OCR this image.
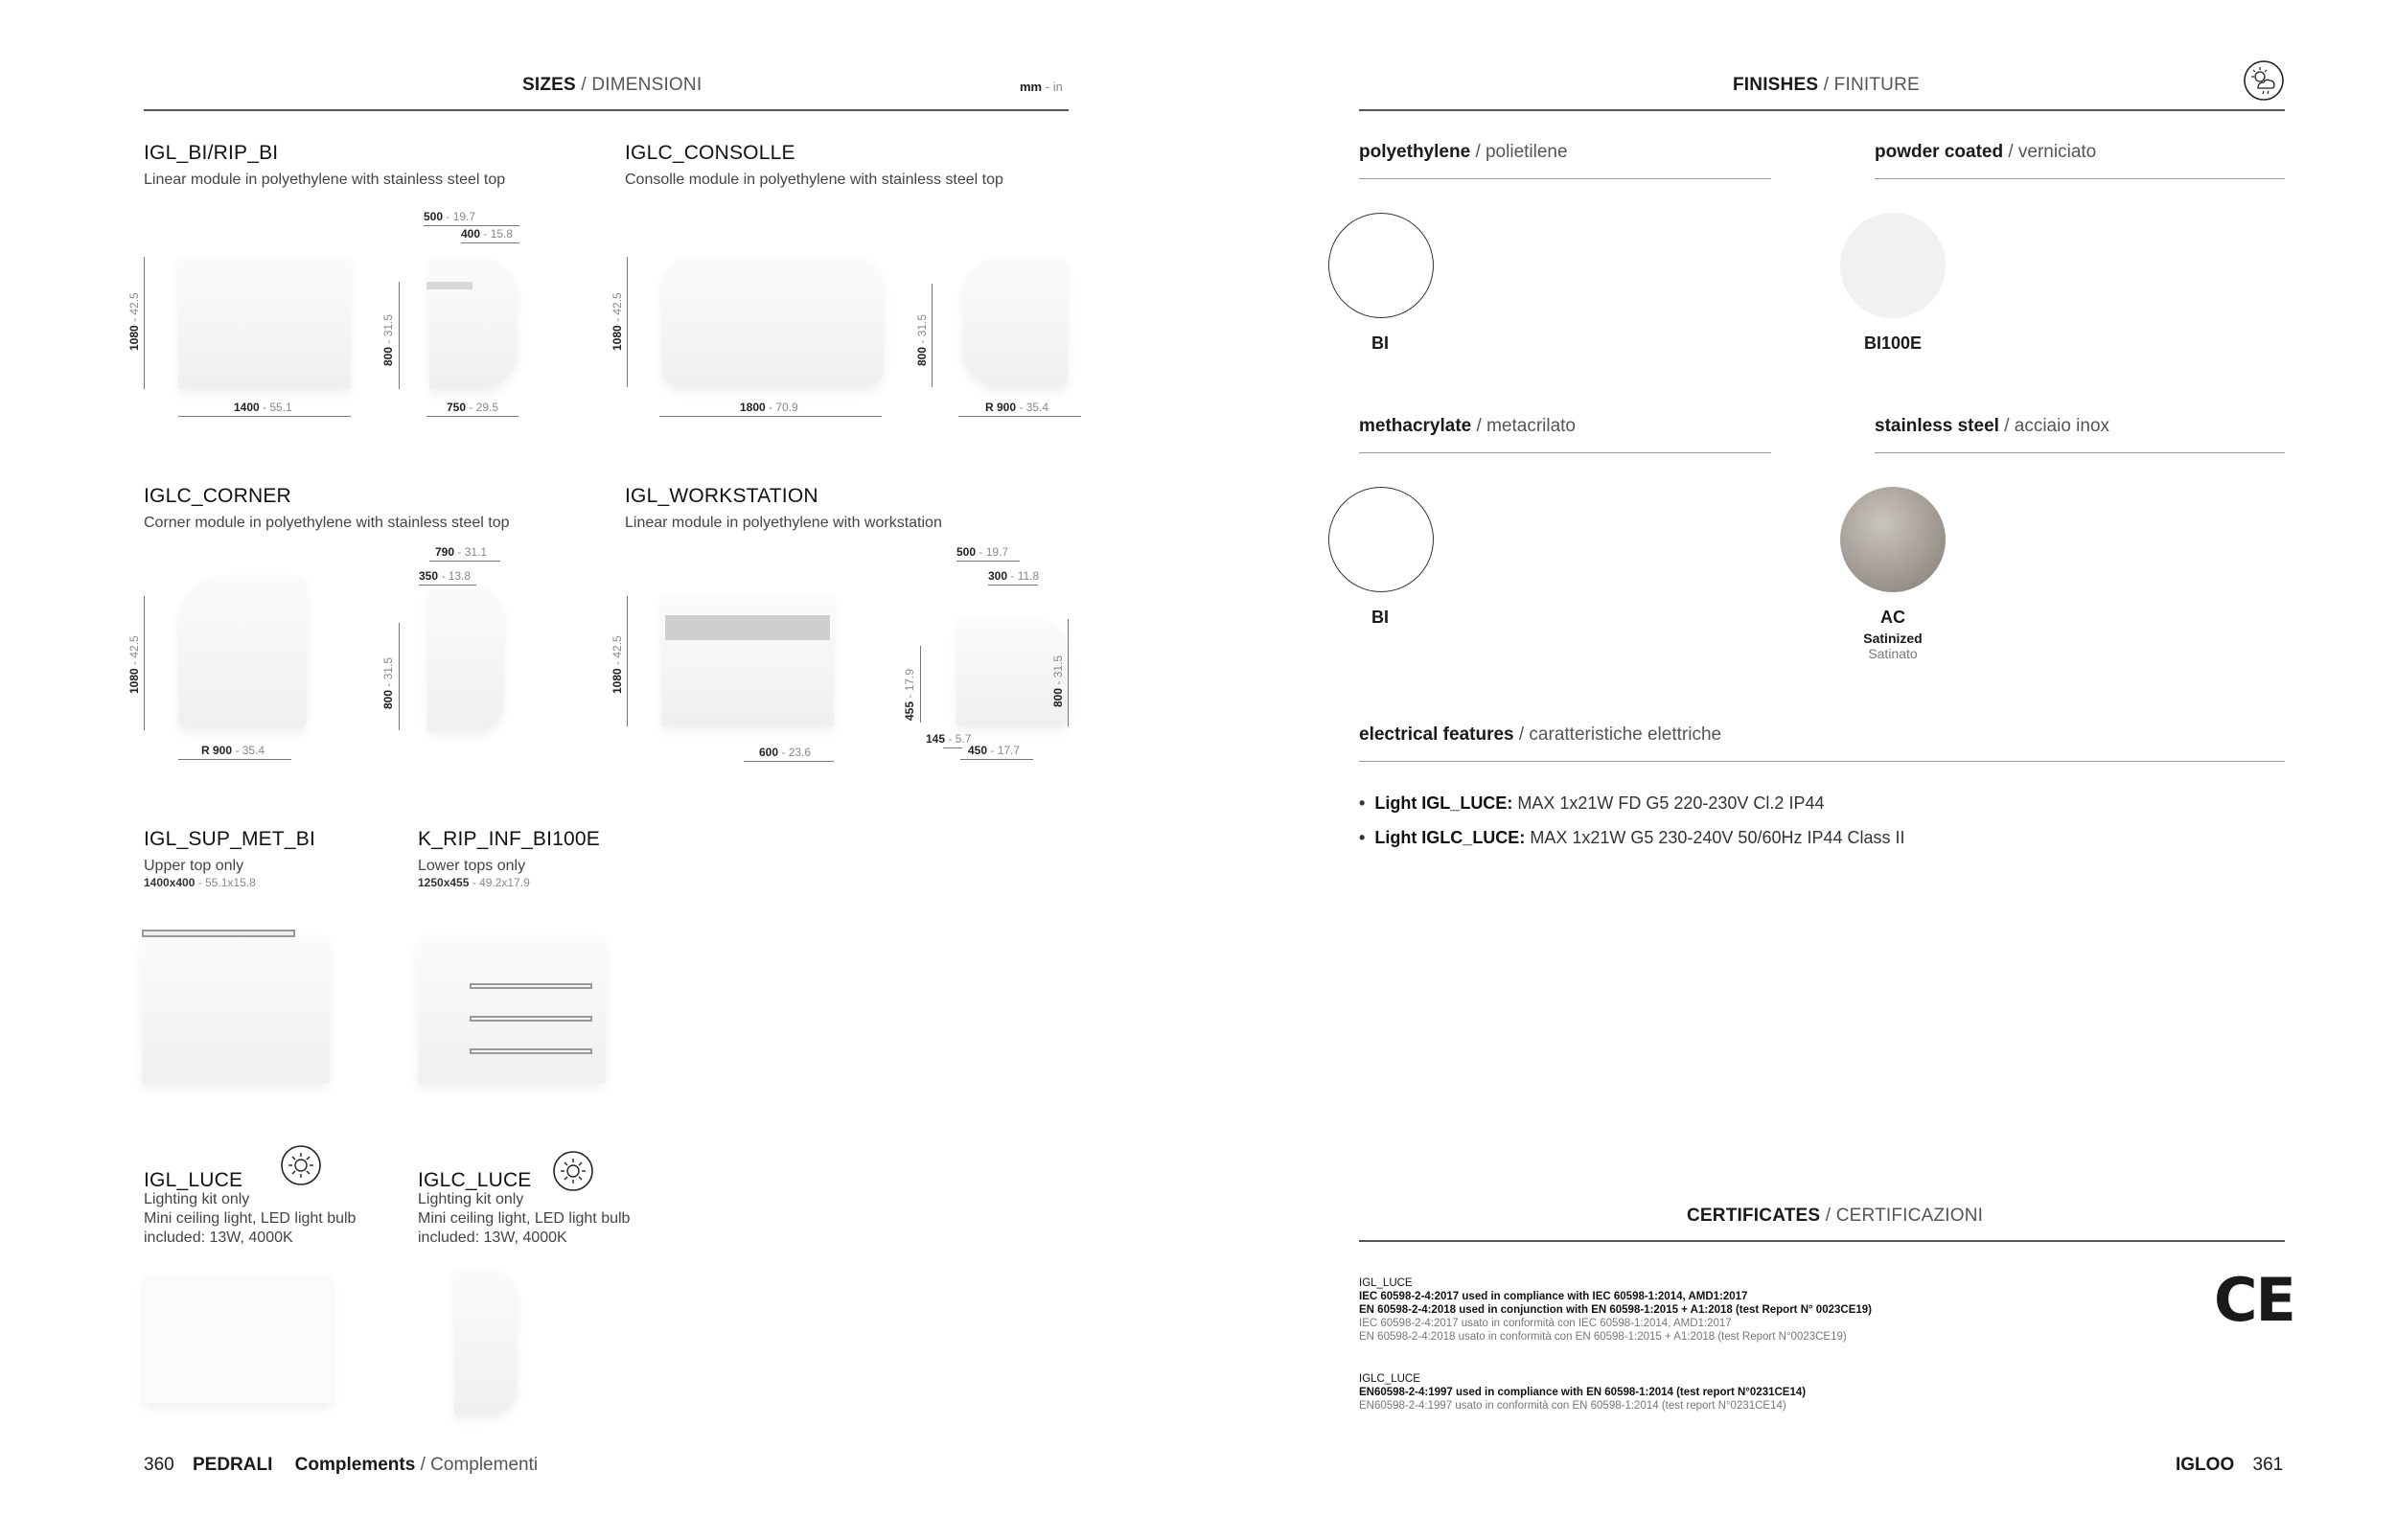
SIZES / DIMENSIONI	mm - in
IGL_BI/RIP_BI
Linear module in polyethylene with stainless steel top
1080 - 42.5
1400 - 55.1
500 - 19.7
400 - 15.8
800 - 31.5
750 - 29.5
IGLC_CONSOLLE
Consolle module in polyethylene with stainless steel top
1080 - 42.5
1800 - 70.9
800 - 31.5
R 900 - 35.4
IGLC_CORNER
Corner module in polyethylene with stainless steel top
1080 - 42.5
R 900 - 35.4
790 - 31.1
350 - 13.8
800 - 31.5
IGL_WORKSTATION
Linear module in polyethylene with workstation
1080 - 42.5
600 - 23.6
500 - 19.7
300 - 11.8
455 - 17.9	800 - 31.5
145 - 5.7
450 - 17.7
IGL_SUP_MET_BI
Upper top only
1400x400 - 55.1x15.8
K_RIP_INF_BI100E
Lower tops only
1250x455 - 49.2x17.9
IGL_LUCE
Lighting kit only
Mini ceiling light, LED light bulb
included: 13W, 4000K
IGLC_LUCE
Lighting kit only
Mini ceiling light, LED light bulb
included: 13W, 4000K
360 PEDRALI Complements / Complementi
FINISHES / FINITURE
polyethylene / polietilene
BI
powder coated / verniciato
BI100E
methacrylate / metacrilato
BI
stainless steel / acciaio inox
AC
Satinized
Satinato
electrical features / caratteristiche elettriche
• Light IGL_LUCE: MAX 1x21W FD G5 220-230V Cl.2 IP44
• Light IGLC_LUCE: MAX 1x21W G5 230-240V 50/60Hz IP44 Class II
CERTIFICATES / CERTIFICAZIONI
IGL_LUCE
IEC 60598-2-4:2017 used in compliance with IEC 60598-1:2014, AMD1:2017
EN 60598-2-4:2018 used in conjunction with EN 60598-1:2015 + A1:2018 (test Report N° 0023CE19)
IEC 60598-2-4:2017 usato in conformità con IEC 60598-1:2014, AMD1:2017
EN 60598-2-4:2018 usato in conformità con EN 60598-1:2015 + A1:2018 (test Report N°0023CE19)
IGLC_LUCE
EN60598-2-4:1997 used in compliance with EN 60598-1:2014 (test report N°0231CE14)
EN60598-2-4:1997 usato in conformità con EN 60598-1:2014 (test report N°0231CE14)
CE
IGLOO 361
